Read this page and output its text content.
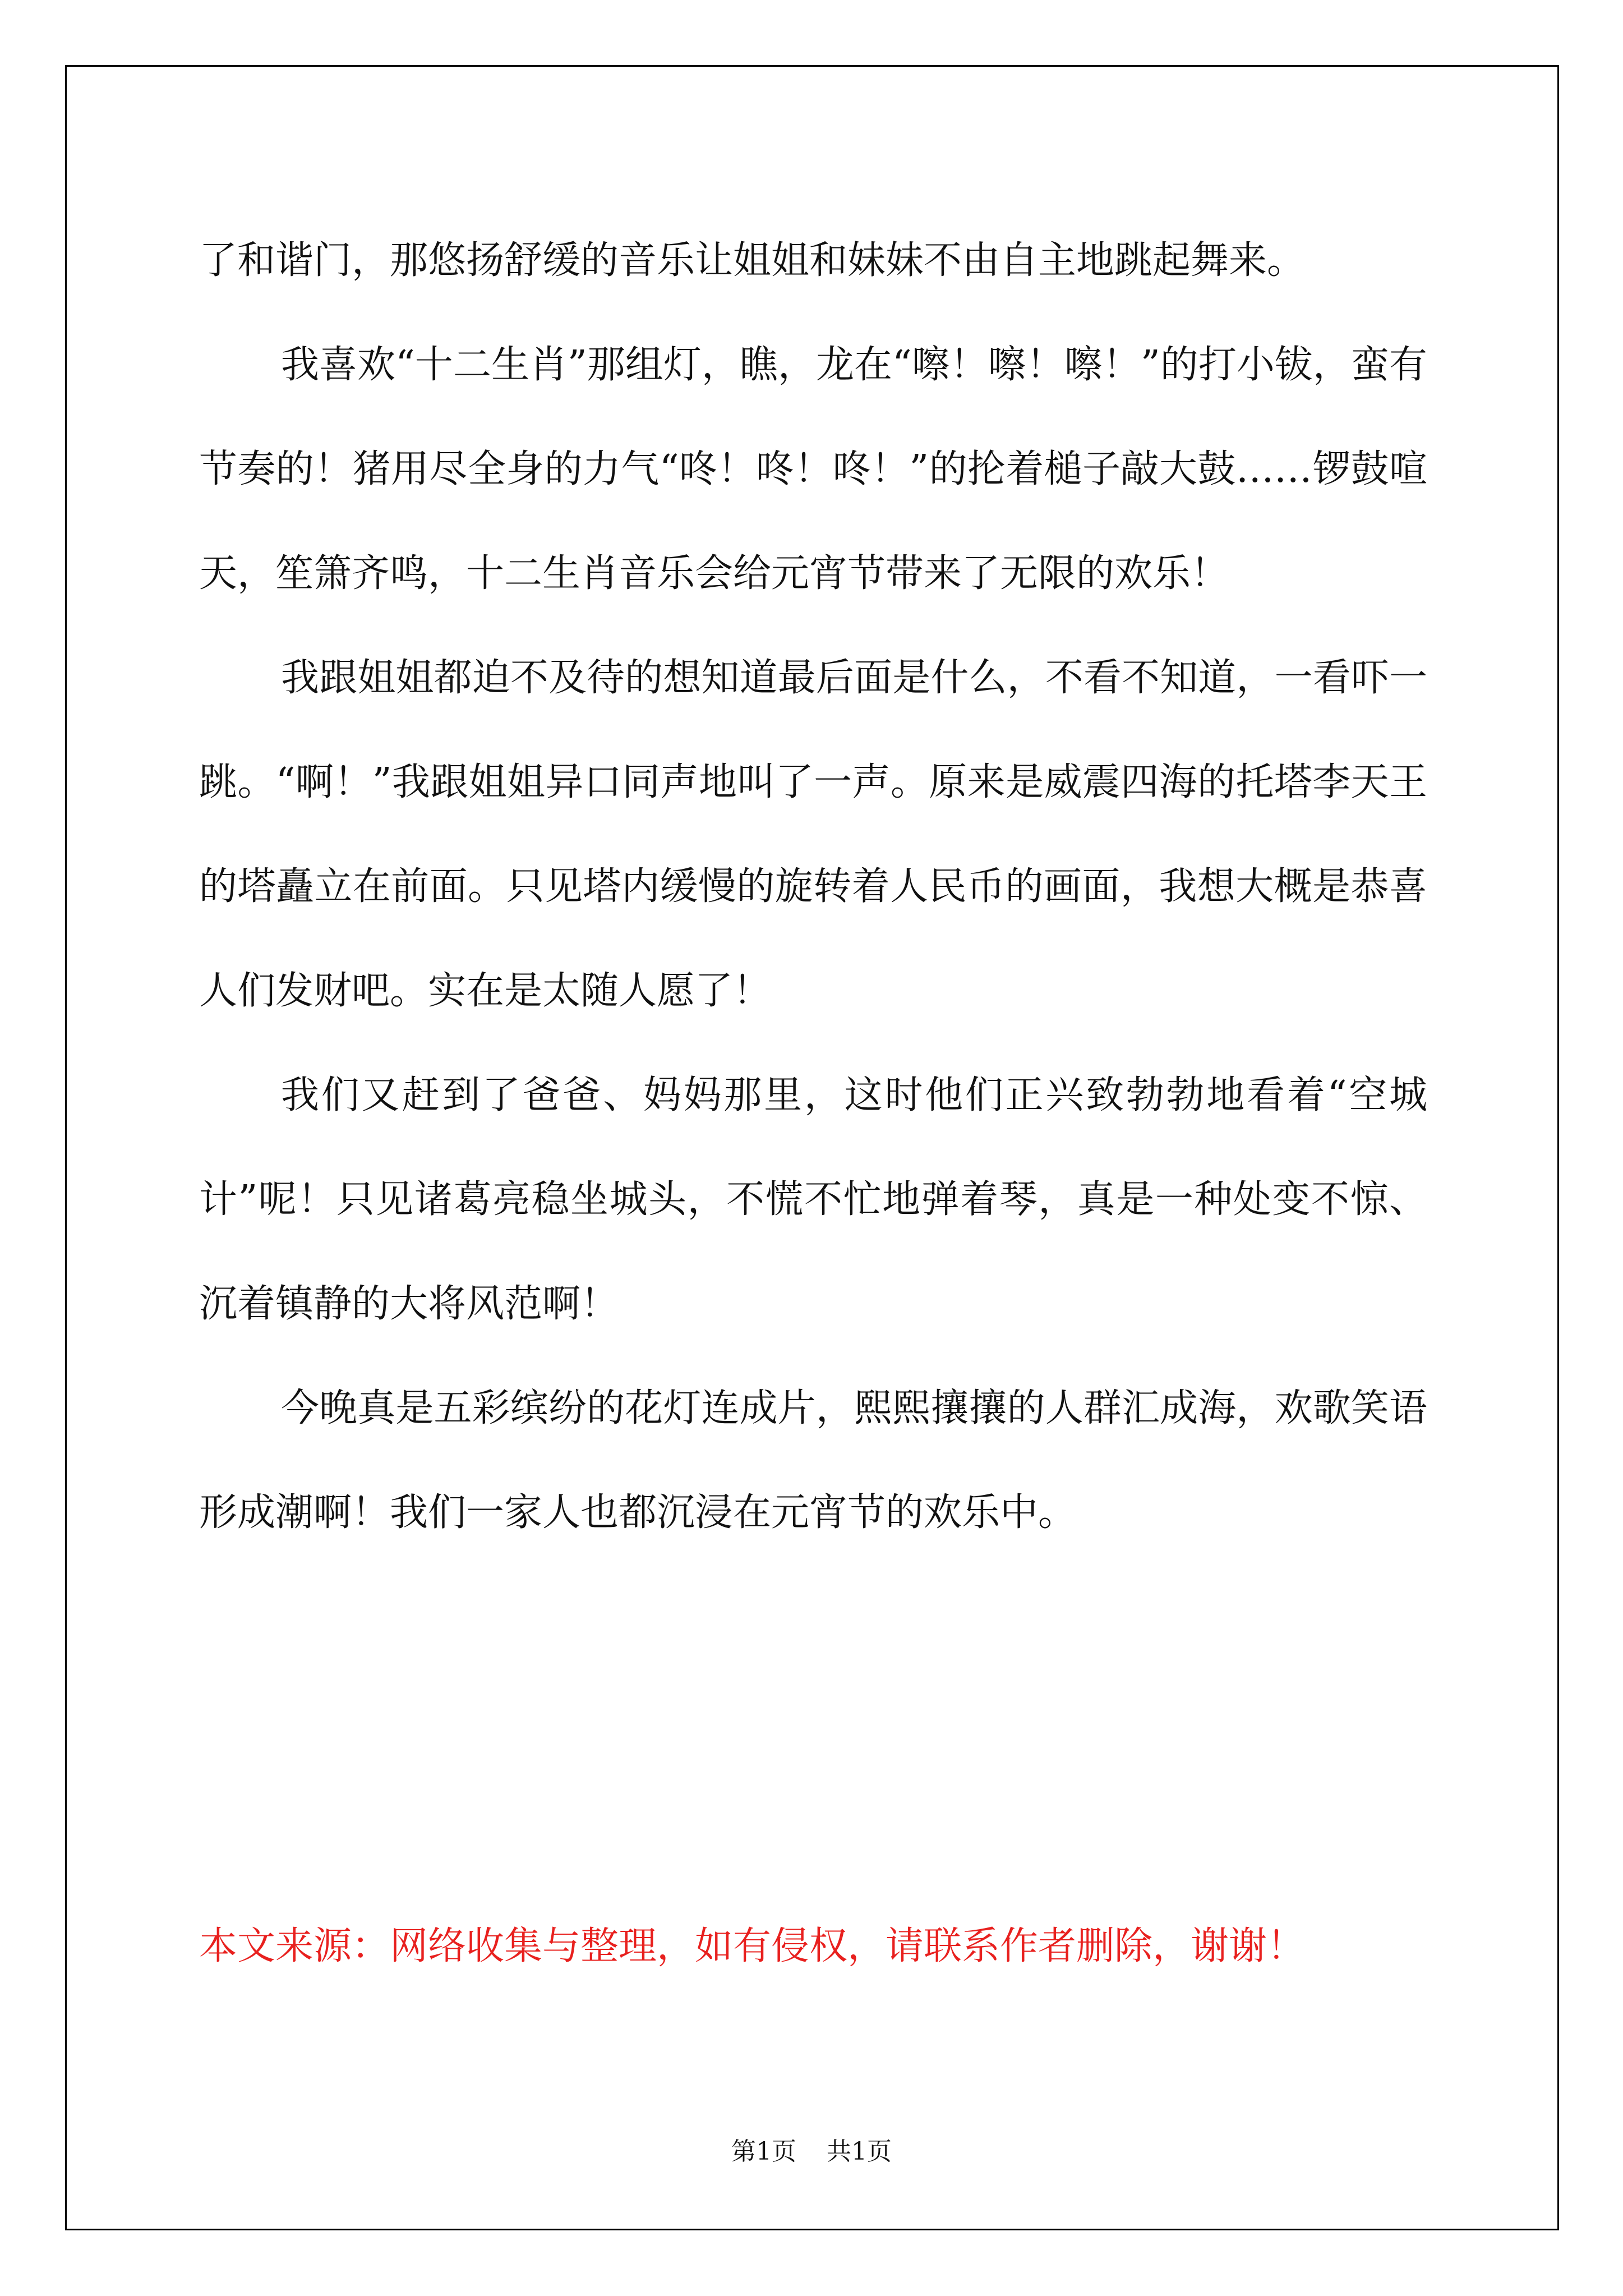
了和谐门，那悠扬舒缓的音乐让姐姐和妹妹不由自主地跳起舞来。

我喜欢“十二生肖”那组灯，瞧，龙在“嚓！嚓！嚓！”的打小钹，蛮有节奏的！猪用尽全身的力气“咚！咚！咚！”的抡着槌子敲大鼓……锣鼓喧天，笙箫齐鸣，十二生肖音乐会给元宵节带来了无限的欢乐！

我跟姐姐都迫不及待的想知道最后面是什么，不看不知道，一看吓一跳。“啊！”我跟姐姐异口同声地叫了一声。原来是威震四海的托塔李天王的塔矗立在前面。只见塔内缓慢的旋转着人民币的画面，我想大概是恭喜人们发财吧。实在是太随人愿了！

我们又赶到了爸爸、妈妈那里，这时他们正兴致勃勃地看着“空城计”呢！只见诸葛亮稳坐城头，不慌不忙地弹着琴，真是一种处变不惊、沉着镇静的大将风范啊！

今晚真是五彩缤纷的花灯连成片，熙熙攘攘的人群汇成海，欢歌笑语形成潮啊！我们一家人也都沉浸在元宵节的欢乐中。

本文来源：网络收集与整理，如有侵权，请联系作者删除，谢谢！
第1页 共1页
